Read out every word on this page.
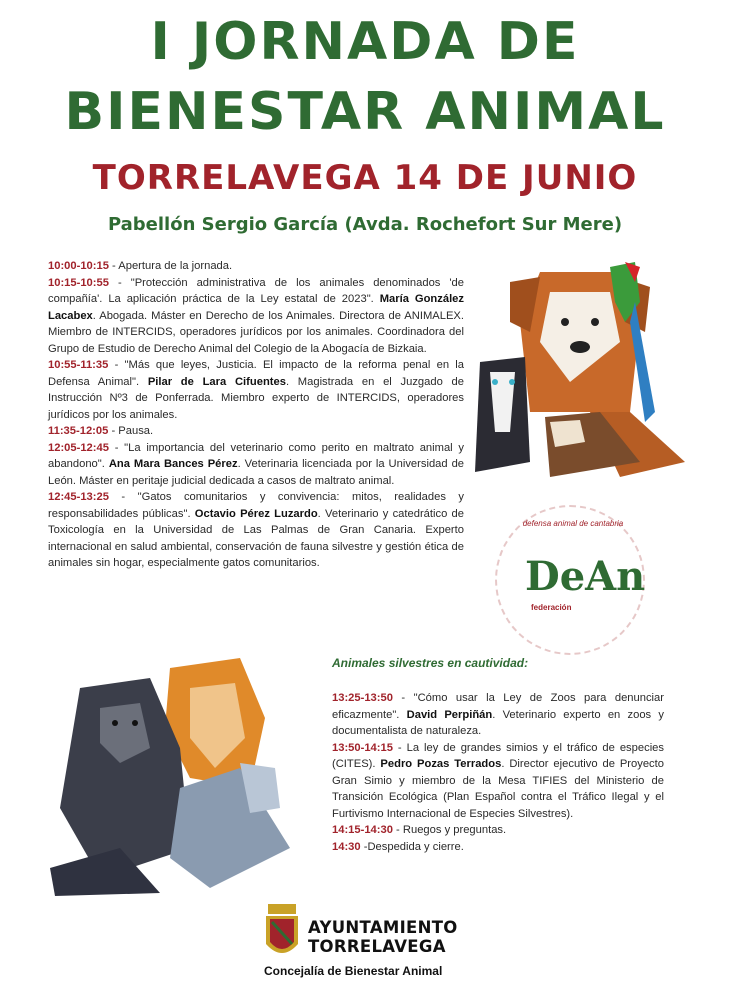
I JORNADA DE
BIENESTAR ANIMAL
TORRELAVEGA 14 DE JUNIO
Pabellón Sergio García (Avda. Rochefort Sur Mere)
10:00-10:15 - Apertura de la jornada.
10:15-10:55 - "Protección administrativa de los animales denominados 'de compañía'. La aplicación práctica de la Ley estatal de 2023". María González Lacabex. Abogada. Máster en Derecho de los Animales. Directora de ANIMALEX. Miembro de INTERCIDS, operadores jurídicos por los animales. Coordinadora del Grupo de Estudio de Derecho Animal del Colegio de la Abogacía de Bizkaia.
10:55-11:35 - "Más que leyes, Justicia. El impacto de la reforma penal en la Defensa Animal". Pilar de Lara Cifuentes. Magistrada en el Juzgado de Instrucción Nº3 de Ponferrada. Miembro experto de INTERCIDS, operadores jurídicos por los animales.
11:35-12:05 - Pausa.
12:05-12:45 - "La importancia del veterinario como perito en maltrato animal y abandono". Ana Mara Bances Pérez. Veterinaria licenciada por la Universidad de León. Máster en peritaje judicial dedicada a casos de maltrato animal.
12:45-13:25 - "Gatos comunitarios y convivencia: mitos, realidades y responsabilidades públicas". Octavio Pérez Luzardo. Veterinario y catedrático de Toxicología en la Universidad de Las Palmas de Gran Canaria. Experto internacional en salud ambiental, conservación de fauna silvestre y gestión ética de animales sin hogar, especialmente gatos comunitarios.
defensa animal de cantabria
DeAn
federación
Animales silvestres en cautividad:
13:25-13:50 - "Cómo usar la Ley de Zoos para denunciar eficazmente". David Perpiñán. Veterinario experto en zoos y documentalista de naturaleza.
13:50-14:15 - La ley de grandes simios y el tráfico de especies (CITES). Pedro Pozas Terrados. Director ejecutivo de Proyecto Gran Simio y miembro de la Mesa TIFIES del Ministerio de Transición Ecológica (Plan Español contra el Tráfico Ilegal y el Furtivismo Internacional de Especies Silvestres).
14:15-14:30 - Ruegos y preguntas.
14:30 -Despedida y cierre.
AYUNTAMIENTO
TORRELAVEGA
Concejalía de Bienestar Animal
